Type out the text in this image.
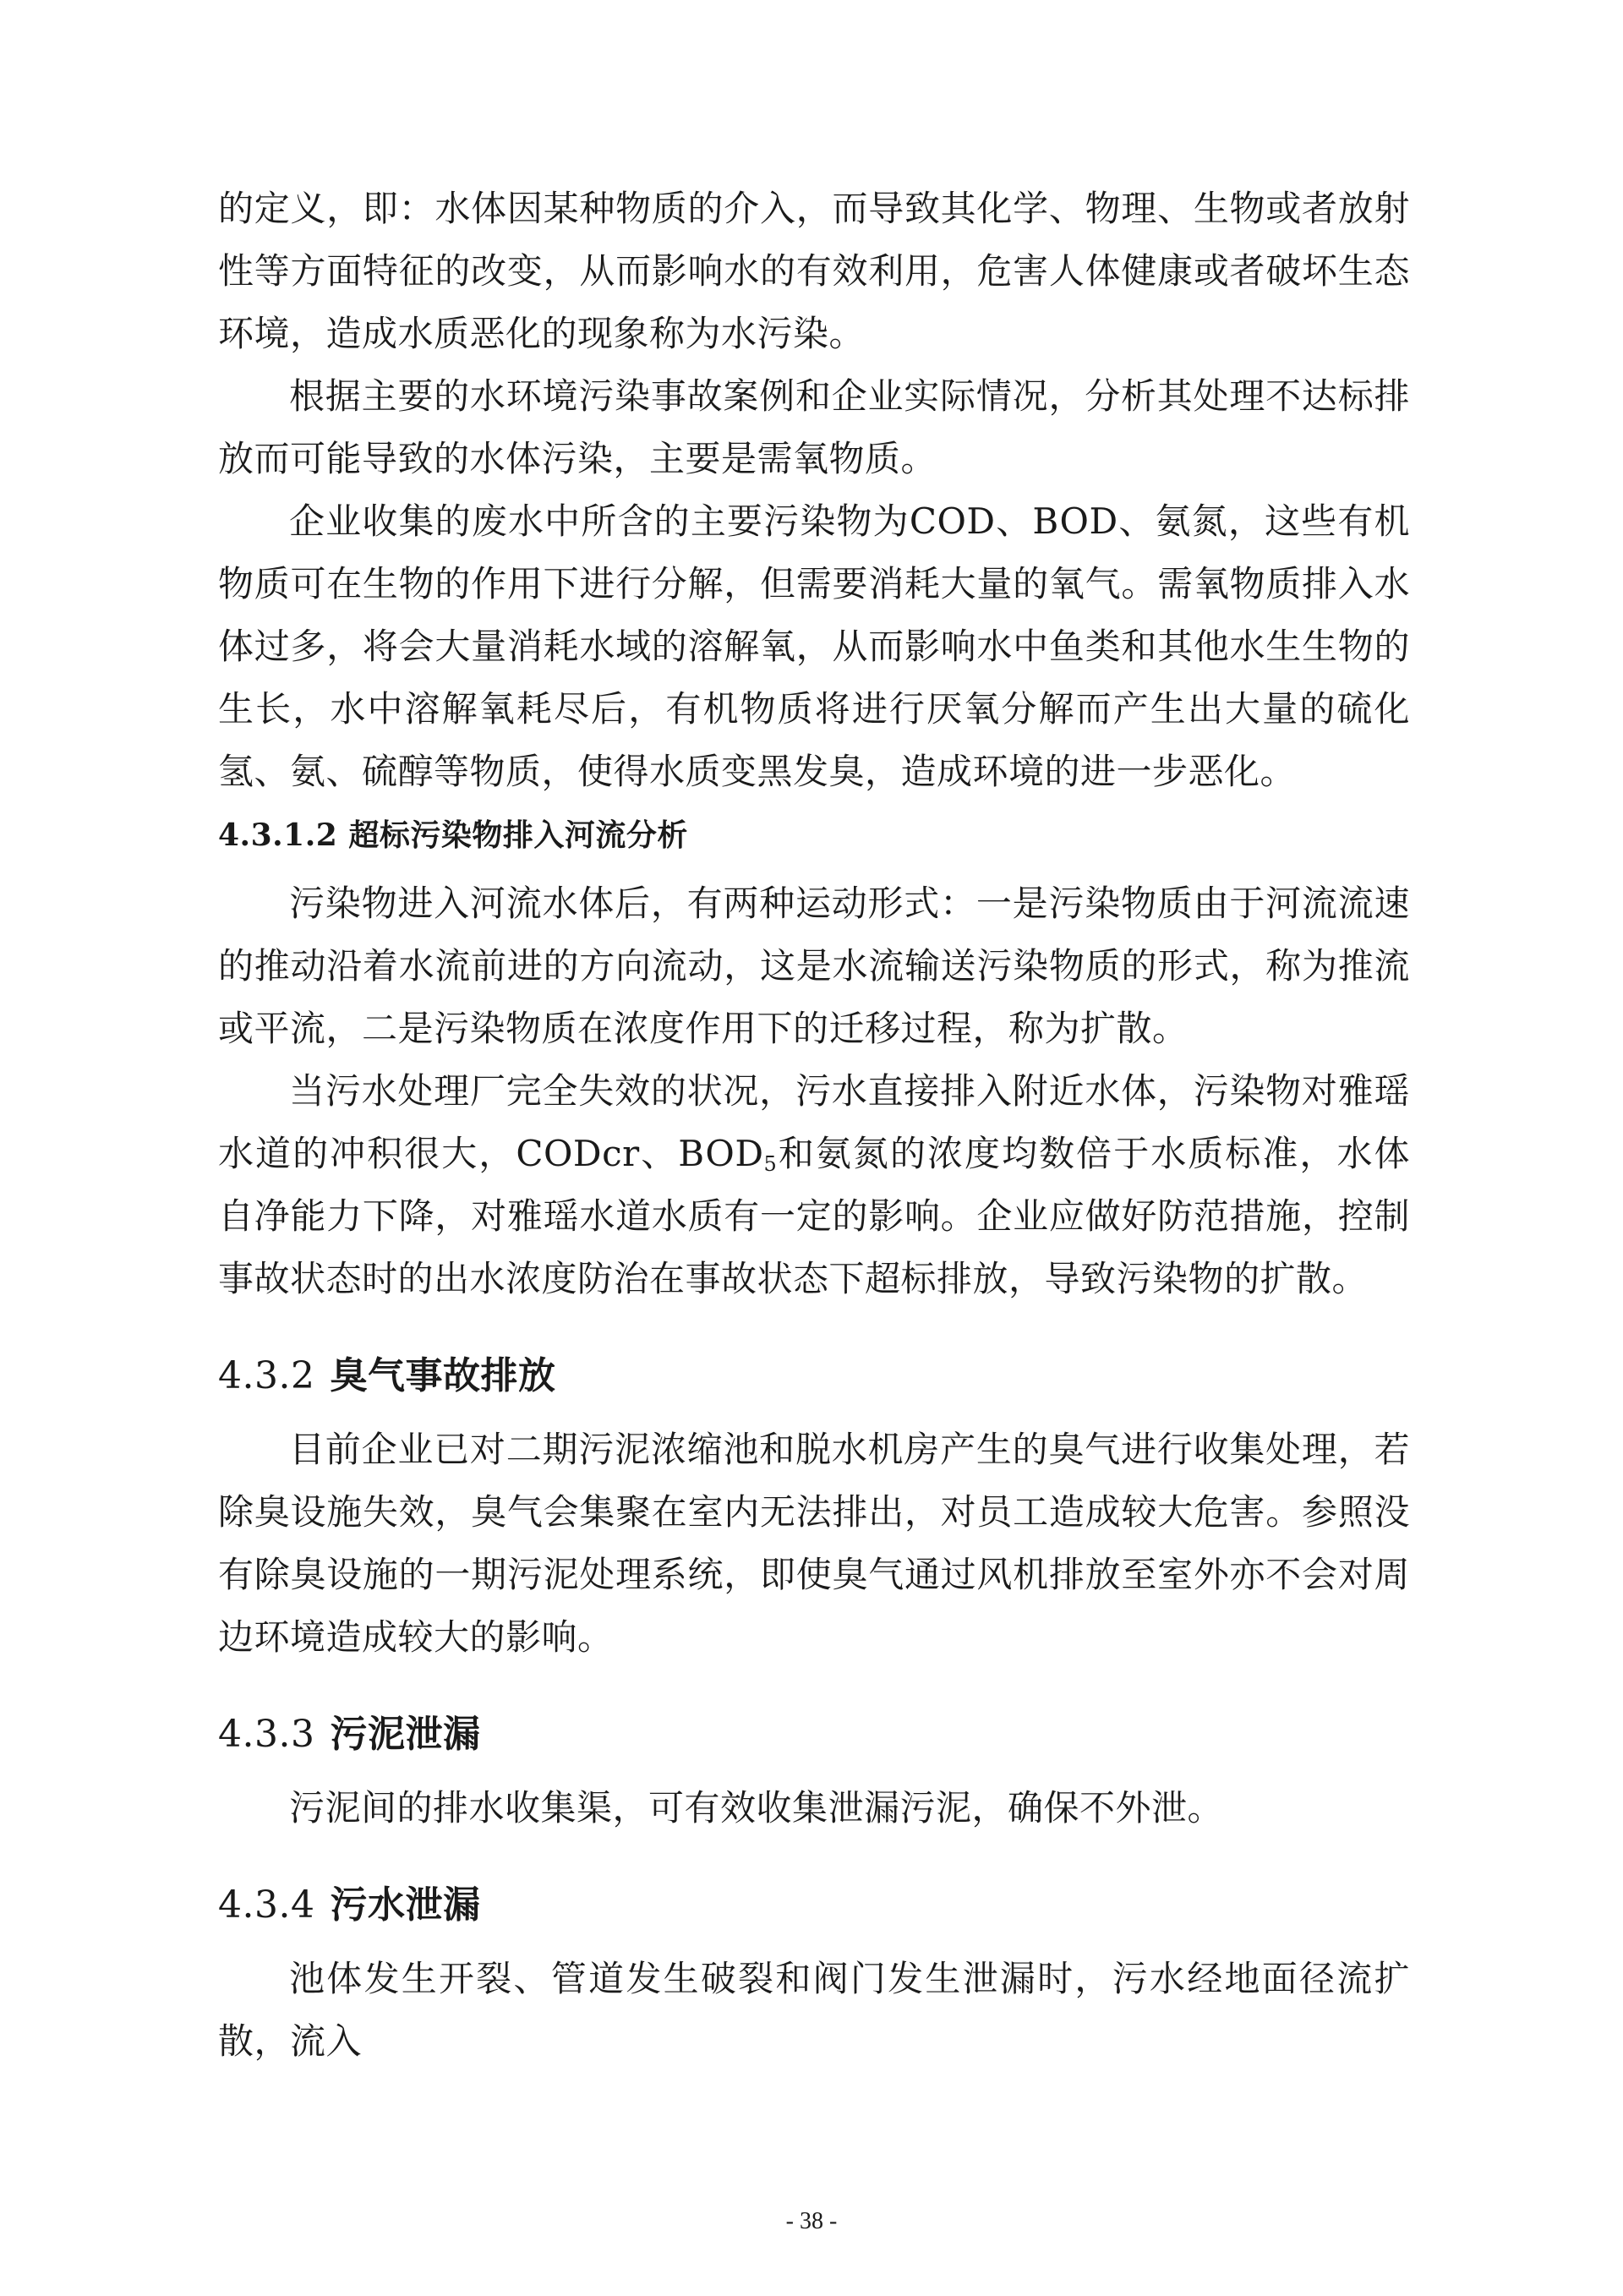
的定义，即：水体因某种物质的介入，而导致其化学、物理、生物或者放射性等方面特征的改变，从而影响水的有效利用，危害人体健康或者破坏生态环境，造成水质恶化的现象称为水污染。

根据主要的水环境污染事故案例和企业实际情况，分析其处理不达标排放而可能导致的水体污染，主要是需氧物质。

企业收集的废水中所含的主要污染物为COD、BOD、氨氮，这些有机物质可在生物的作用下进行分解，但需要消耗大量的氧气。需氧物质排入水体过多，将会大量消耗水域的溶解氧，从而影响水中鱼类和其他水生生物的生长，水中溶解氧耗尽后，有机物质将进行厌氧分解而产生出大量的硫化氢、氨、硫醇等物质，使得水质变黑发臭，造成环境的进一步恶化。

4.3.1.2 超标污染物排入河流分析

污染物进入河流水体后，有两种运动形式：一是污染物质由于河流流速的推动沿着水流前进的方向流动，这是水流输送污染物质的形式，称为推流或平流，二是污染物质在浓度作用下的迁移过程，称为扩散。

当污水处理厂完全失效的状况，污水直接排入附近水体，污染物对雅瑶水道的冲积很大，CODcr、$BOD_5$和氨氮的浓度均数倍于水质标准，水体自净能力下降，对雅瑶水道水质有一定的影响。企业应做好防范措施，控制事故状态时的出水浓度防治在事故状态下超标排放，导致污染物的扩散。

4.3.2 臭气事故排放

目前企业已对二期污泥浓缩池和脱水机房产生的臭气进行收集处理，若除臭设施失效，臭气会集聚在室内无法排出，对员工造成较大危害。参照没有除臭设施的一期污泥处理系统，即使臭气通过风机排放至室外亦不会对周边环境造成较大的影响。

4.3.3 污泥泄漏

污泥间的排水收集渠，可有效收集泄漏污泥，确保不外泄。

4.3.4 污水泄漏

池体发生开裂、管道发生破裂和阀门发生泄漏时，污水经地面径流扩散，流入

- 38 -
